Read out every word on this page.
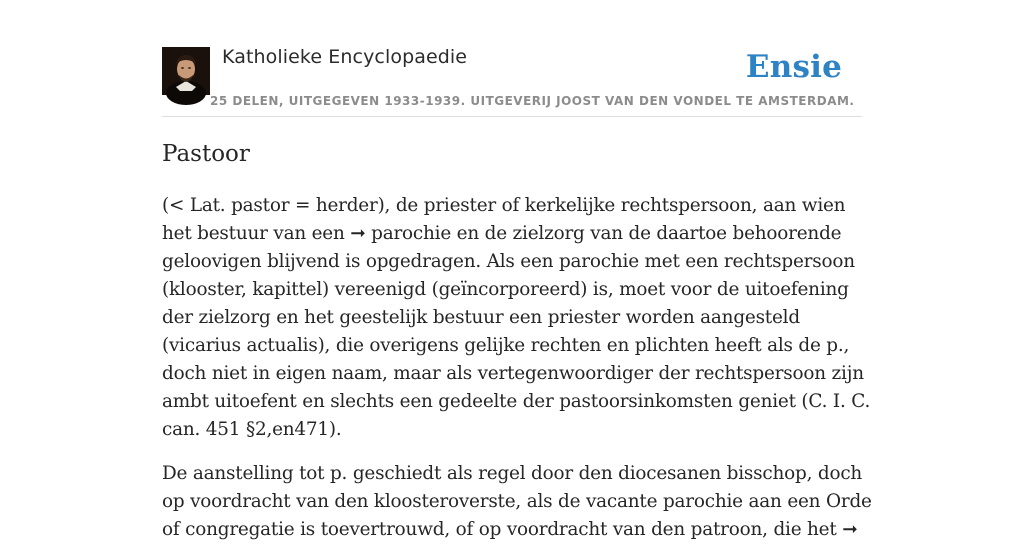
Katholieke Encyclopaedie	Ensie
25 DELEN, UITGEGEVEN 1933-1939. UITGEVERIJ JOOST VAN DEN VONDEL TE AMSTERDAM.
Pastoor

(< Lat. pastor = herder), de priester of kerkelijke rechtspersoon, aan wien het bestuur van een ➞ parochie en de zielzorg van de daartoe behoorende geloovigen blijvend is opgedragen. Als een parochie met een rechtspersoon (klooster, kapittel) vereenigd (geïncorporeerd) is, moet voor de uitoefening der zielzorg en het geestelijk bestuur een priester worden aangesteld (vicarius actualis), die overigens gelijke rechten en plichten heeft als de p., doch niet in eigen naam, maar als vertegenwoordiger der rechtspersoon zijn ambt uitoefent en slechts een gedeelte der pastoorsinkomsten geniet (C. I. C. can. 451 §2,en471).

De aanstelling tot p. geschiedt als regel door den diocesanen bisschop, doch op voordracht van den kloosteroverste, als de vacante parochie aan een Orde of congregatie is toevertrouwd, of op voordracht van den patroon, die het ➞
